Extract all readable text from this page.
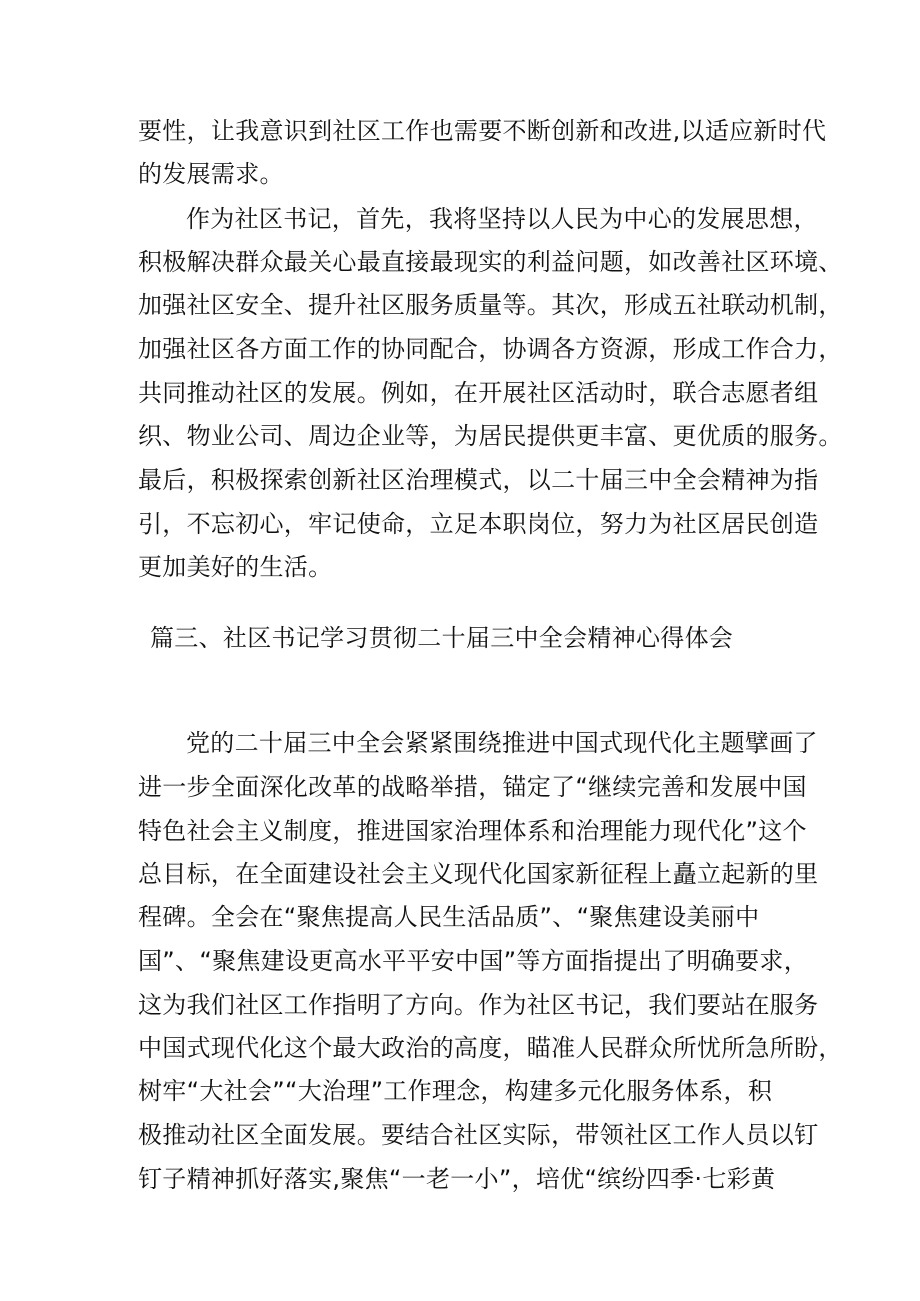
要性，让我意识到社区工作也需要不断创新和改进,以适应新时代
的发展需求。
作为社区书记，首先，我将坚持以人民为中心的发展思想，
积极解决群众最关心最直接最现实的利益问题，如改善社区环境、
加强社区安全、提升社区服务质量等。其次，形成五社联动机制，
加强社区各方面工作的协同配合，协调各方资源，形成工作合力，
共同推动社区的发展。例如，在开展社区活动时，联合志愿者组
织、物业公司、周边企业等，为居民提供更丰富、更优质的服务。
最后，积极探索创新社区治理模式，以二十届三中全会精神为指
引，不忘初心，牢记使命，立足本职岗位，努力为社区居民创造
更加美好的生活。
篇三、社区书记学习贯彻二十届三中全会精神心得体会
党的二十届三中全会紧紧围绕推进中国式现代化主题擘画了
进一步全面深化改革的战略举措，锚定了“继续完善和发展中国
特色社会主义制度，推进国家治理体系和治理能力现代化”这个
总目标，在全面建设社会主义现代化国家新征程上矗立起新的里
程碑。全会在“聚焦提高人民生活品质”、“聚焦建设美丽中
国”、“聚焦建设更高水平平安中国”等方面指提出了明确要求，
这为我们社区工作指明了方向。作为社区书记，我们要站在服务
中国式现代化这个最大政治的高度，瞄准人民群众所忧所急所盼，
树牢“大社会”“大治理”工作理念，构建多元化服务体系，积
极推动社区全面发展。要结合社区实际，带领社区工作人员以钉
钉子精神抓好落实,聚焦“一老一小”，培优“缤纷四季·七彩黄
